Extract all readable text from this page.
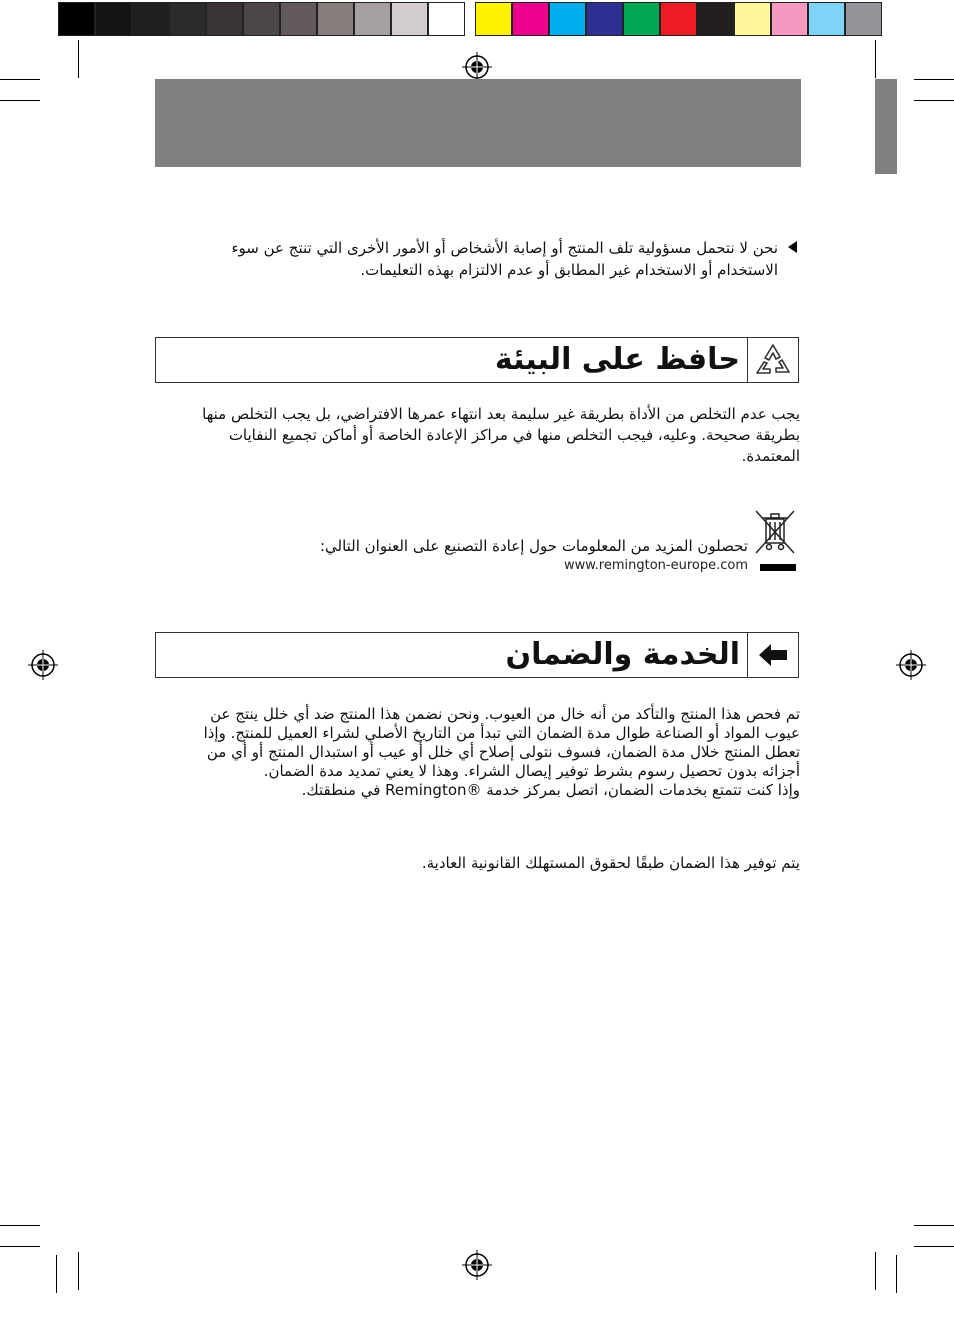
نحن لا نتحمل مسؤولية تلف المنتج أو إصابة الأشخاص أو الأمور الأخرى التي تنتج عن سوء الاستخدام أو الاستخدام غير المطابق أو عدم الالتزام بهذه التعليمات.
حافظ على البيئة
يجب عدم التخلص من الأداة بطريقة غير سليمة بعد انتهاء عمرها الافتراضي، بل يجب التخلص منها بطريقة صحيحة. وعليه، فيجب التخلص منها في مراكز الإعادة الخاصة أو أماكن تجميع النفايات المعتمدة.
تحصلون المزيد من المعلومات حول إعادة التصنيع على العنوان التالي:
www.remington-europe.com
الخدمة والضمان
تم فحص هذا المنتج والتأكد من أنه خال من العيوب. ونحن نضمن هذا المنتج ضد أي خلل ينتج عن عيوب المواد أو الصناعة طوال مدة الضمان التي تبدأ من التاريخ الأصلي لشراء العميل للمنتج. وإذا تعطل المنتج خلال مدة الضمان، فسوف نتولى إصلاح أي خلل أو عيب أو استبدال المنتج أو أي من أجزائه بدون تحصيل رسوم بشرط توفير إيصال الشراء. وهذا لا يعني تمديد مدة الضمان.
وإذا كنت تتمتع بخدمات الضمان، اتصل بمركز خدمة ®Remington في منطقتك.
يتم توفير هذا الضمان طبقًا لحقوق المستهلك القانونية العادية.
